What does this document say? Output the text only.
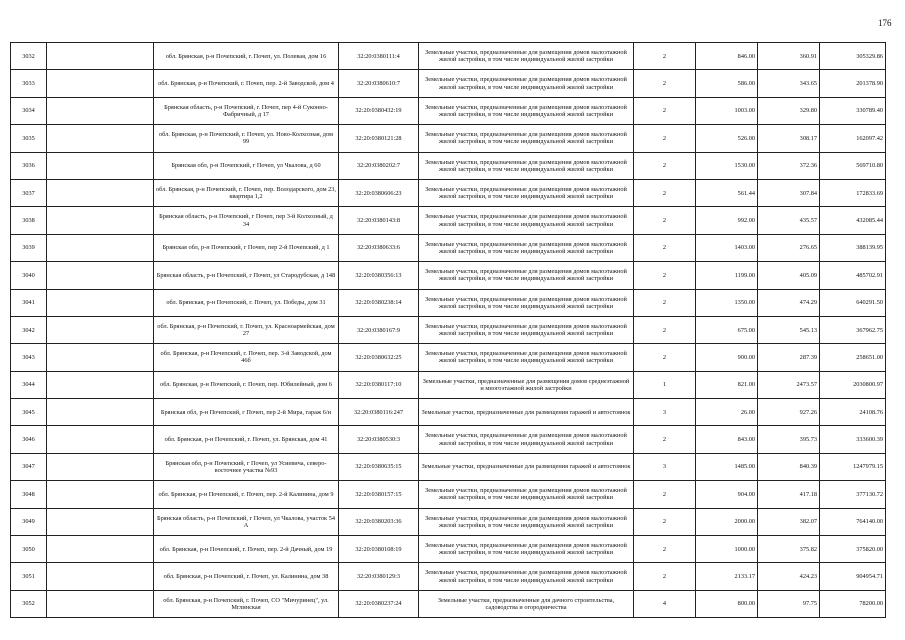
176
3032		обл. Брянская, р-н Почепский, г. Почеп, ул. Полевая, дом 16	32:20:0380111:4	Земельные участки, предназначенные для размещения домов малоэтажной жилой застройки, в том числе индивидуальной жилой застройки	2	846.00	360.91	305329.86
3033		обл. Брянская, р-н Почепский, г. Почеп, пер. 2-й Заводской, дом 4	32:20:0380610:7	Земельные участки, предназначенные для размещения домов малоэтажной жилой застройки, в том числе индивидуальной жилой застройки	2	586.00	343.65	201378.90
3034		Брянская область, р-н Почепский, г. Почеп, пер 4-й Суконно-Фабричный, д 17	32:20:0380432:19	Земельные участки, предназначенные для размещения домов малоэтажной жилой застройки, в том числе индивидуальной жилой застройки	2	1003.00	329.80	330789.40
3035		обл. Брянская, р-н Почепский, г. Почеп, ул. Ново-Колхозная, дом 99	32:20:0380121:28	Земельные участки, предназначенные для размещения домов малоэтажной жилой застройки, в том числе индивидуальной жилой застройки	2	526.00	308.17	162097.42
3036		Брянская обл, р-н Почепский, г Почеп, ул Чкалова, д 60	32:20:0380202:7	Земельные участки, предназначенные для размещения домов малоэтажной жилой застройки, в том числе индивидуальной жилой застройки	2	1530.00	372.36	569710.80
3037		обл. Брянская, р-н Почепский, г. Почеп, пер. Володарского, дом 23, квартира 1,2	32:20:0380606:23	Земельные участки, предназначенные для размещения домов малоэтажной жилой застройки, в том числе индивидуальной жилой застройки	2	561.44	307.84	172833.69
3038		Брянская область, р-н Почепский, г Почеп, пер 3-й Колхозный, д 34	32:20:0380143:8	Земельные участки, предназначенные для размещения домов малоэтажной жилой застройки, в том числе индивидуальной жилой застройки	2	992.00	435.57	432085.44
3039		Брянская обл, р-н Почепский, г Почеп, пер 2-й Почепский, д 1	32:20:0380633:6	Земельные участки, предназначенные для размещения домов малоэтажной жилой застройки, в том числе индивидуальной жилой застройки	2	1403.00	276.65	388139.95
3040		Брянская область, р-н Почепский, г Почеп, ул Стародубская, д 148	32:20:0380356:13	Земельные участки, предназначенные для размещения домов малоэтажной жилой застройки, в том числе индивидуальной жилой застройки	2	1199.00	405.09	485702.91
3041		обл. Брянская, р-н Почепский, г. Почеп, ул. Победы, дом 31	32:20:0380238:14	Земельные участки, предназначенные для размещения домов малоэтажной жилой застройки, в том числе индивидуальной жилой застройки	2	1350.00	474.29	640291.50
3042		обл. Брянская, р-н Почепский, г. Почеп, ул. Красноармейская, дом 27	32:20:0380167:9	Земельные участки, предназначенные для размещения домов малоэтажной жилой застройки, в том числе индивидуальной жилой застройки	2	675.00	545.13	367962.75
3043		обл. Брянская, р-н Почепский, г. Почеп, пер. 3-й Заводской, дом 46б	32:20:0380632:25	Земельные участки, предназначенные для размещения домов малоэтажной жилой застройки, в том числе индивидуальной жилой застройки	2	900.00	287.39	258651.00
3044		обл. Брянская, р-н Почепский, г. Почеп, пер. Юбилейный, дом 6	32:20:0380117:10	Земельные участки, предназначенные для размещения домов среднеэтажной и многоэтажной жилой застройки	1	821.00	2473.57	2030800.97
3045		Брянская обл, р-н Почепский, г Почеп, пер 2-й Мира, гараж 6/и	32:20:0380116:247	Земельные участки, предназначенные для размещения гаражей и автостоянок	3	26.00	927.26	24108.76
3046		обл. Брянская, р-н Почепский, г. Почеп, ул. Брянская, дом 41	32:20:0380530:3	Земельные участки, предназначенные для размещения домов малоэтажной жилой застройки, в том числе индивидуальной жилой застройки	2	843.00	395.73	333600.39
3047		Брянская обл, р-н Почепский, г Почеп, ул Усиевича, северо-восточнее участка №93	32:20:0380635:15	Земельные участки, предназначенные для размещения гаражей и автостоянок	3	1485.00	840.39	1247979.15
3048		обл. Брянская, р-н Почепский, г. Почеп, пер. 2-й Калинина, дом 9	32:20:0380157:15	Земельные участки, предназначенные для размещения домов малоэтажной жилой застройки, в том числе индивидуальной жилой застройки	2	904.00	417.18	377130.72
3049		Брянская область, р-н Почепский, г Почеп, ул Чкалова, участок 54 А	32:20:0380203:36	Земельные участки, предназначенные для размещения домов малоэтажной жилой застройки, в том числе индивидуальной жилой застройки	2	2000.00	382.07	764140.00
3050		обл. Брянская, р-н Почепский, г. Почеп, пер. 2-й Дачный, дом 19	32:20:0380108:19	Земельные участки, предназначенные для размещения домов малоэтажной жилой застройки, в том числе индивидуальной жилой застройки	2	1000.00	375.82	375820.00
3051		обл. Брянская, р-н Почепский, г. Почеп, ул. Калинина, дом 38	32:20:0380129:3	Земельные участки, предназначенные для размещения домов малоэтажной жилой застройки, в том числе индивидуальной жилой застройки	2	2133.17	424.23	904954.71
3052		обл. Брянская, р-н Почепский, г. Почеп, СО "Мичуринец", ул. Мглинская	32:20:0380237:24	Земельные участки, предназначенные для дачного строительства, садоводства и огородничества	4	800.00	97.75	78200.00
